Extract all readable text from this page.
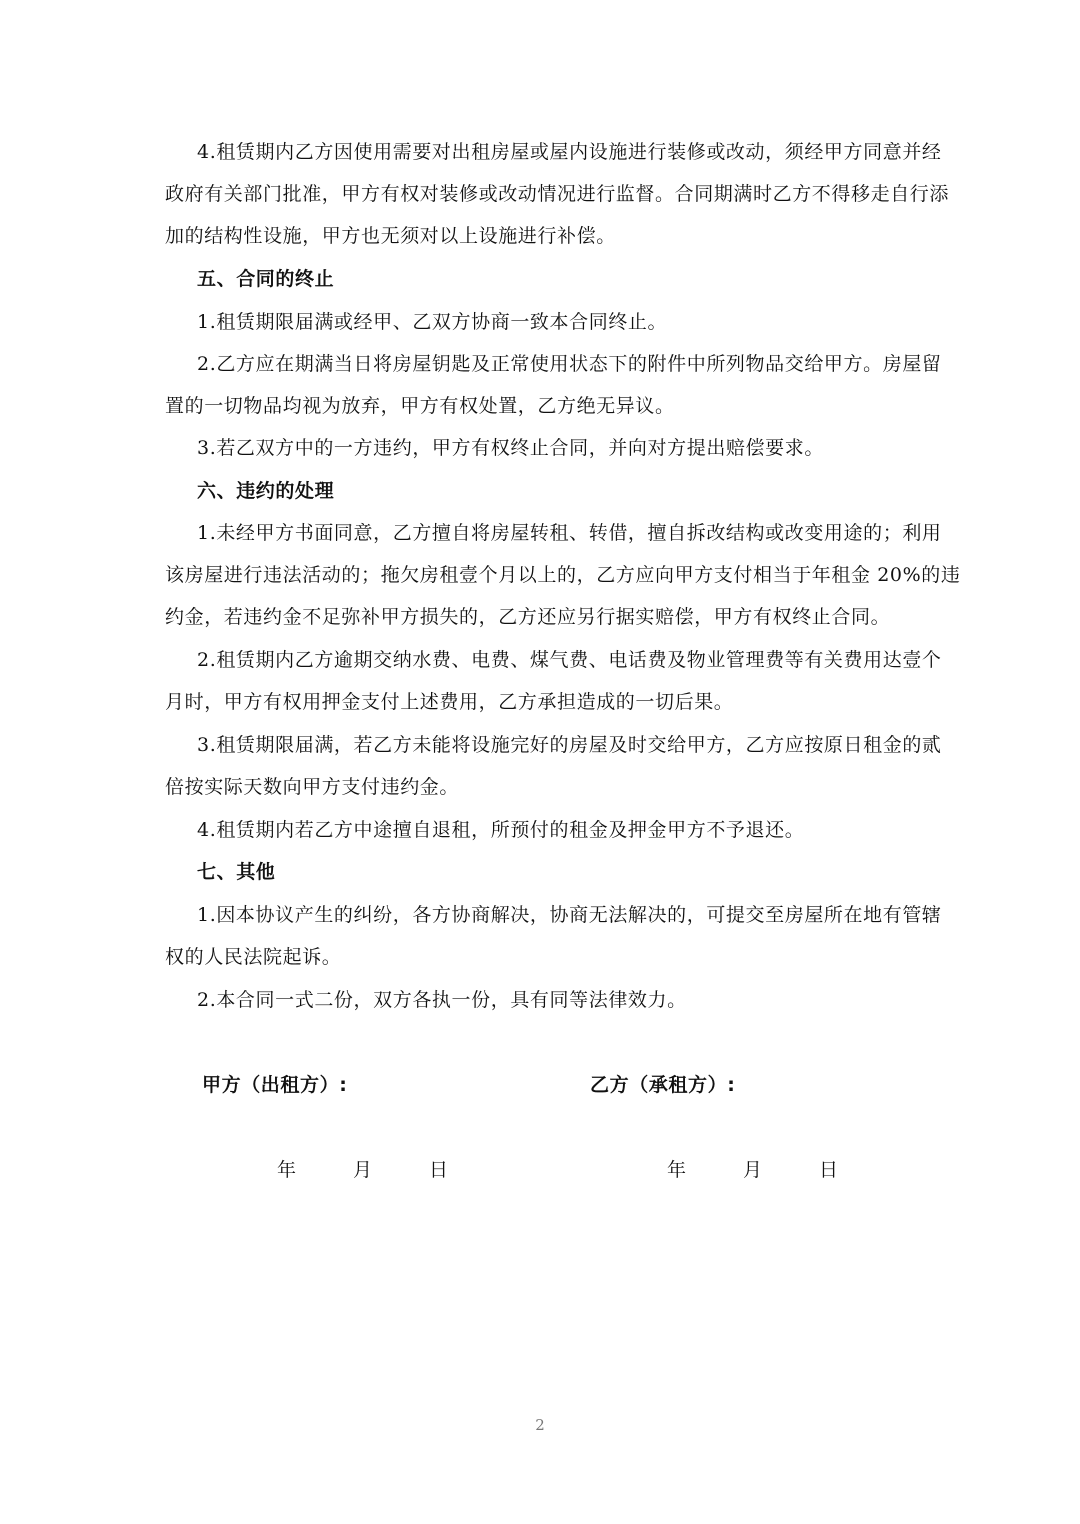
4.租赁期内乙方因使用需要对出租房屋或屋内设施进行装修或改动，须经甲方同意并经
政府有关部门批准，甲方有权对装修或改动情况进行监督。合同期满时乙方不得移走自行添
加的结构性设施，甲方也无须对以上设施进行补偿。
五、合同的终止
1.租赁期限届满或经甲、乙双方协商一致本合同终止。
2.乙方应在期满当日将房屋钥匙及正常使用状态下的附件中所列物品交给甲方。房屋留
置的一切物品均视为放弃，甲方有权处置，乙方绝无异议。
3.若乙双方中的一方违约，甲方有权终止合同，并向对方提出赔偿要求。
六、违约的处理
1.未经甲方书面同意，乙方擅自将房屋转租、转借，擅自拆改结构或改变用途的；利用
该房屋进行违法活动的；拖欠房租壹个月以上的，乙方应向甲方支付相当于年租金 20%的违
约金，若违约金不足弥补甲方损失的，乙方还应另行据实赔偿，甲方有权终止合同。
2.租赁期内乙方逾期交纳水费、电费、煤气费、电话费及物业管理费等有关费用达壹个
月时，甲方有权用押金支付上述费用，乙方承担造成的一切后果。
3.租赁期限届满，若乙方未能将设施完好的房屋及时交给甲方，乙方应按原日租金的贰
倍按实际天数向甲方支付违约金。
4.租赁期内若乙方中途擅自退租，所预付的租金及押金甲方不予退还。
七、其他
1.因本协议产生的纠纷，各方协商解决，协商无法解决的，可提交至房屋所在地有管辖
权的人民法院起诉。
2.本合同一式二份，双方各执一份，具有同等法律效力。
甲方（出租方）:	乙方（承租方）:
年	月	日	年	月	日
2
